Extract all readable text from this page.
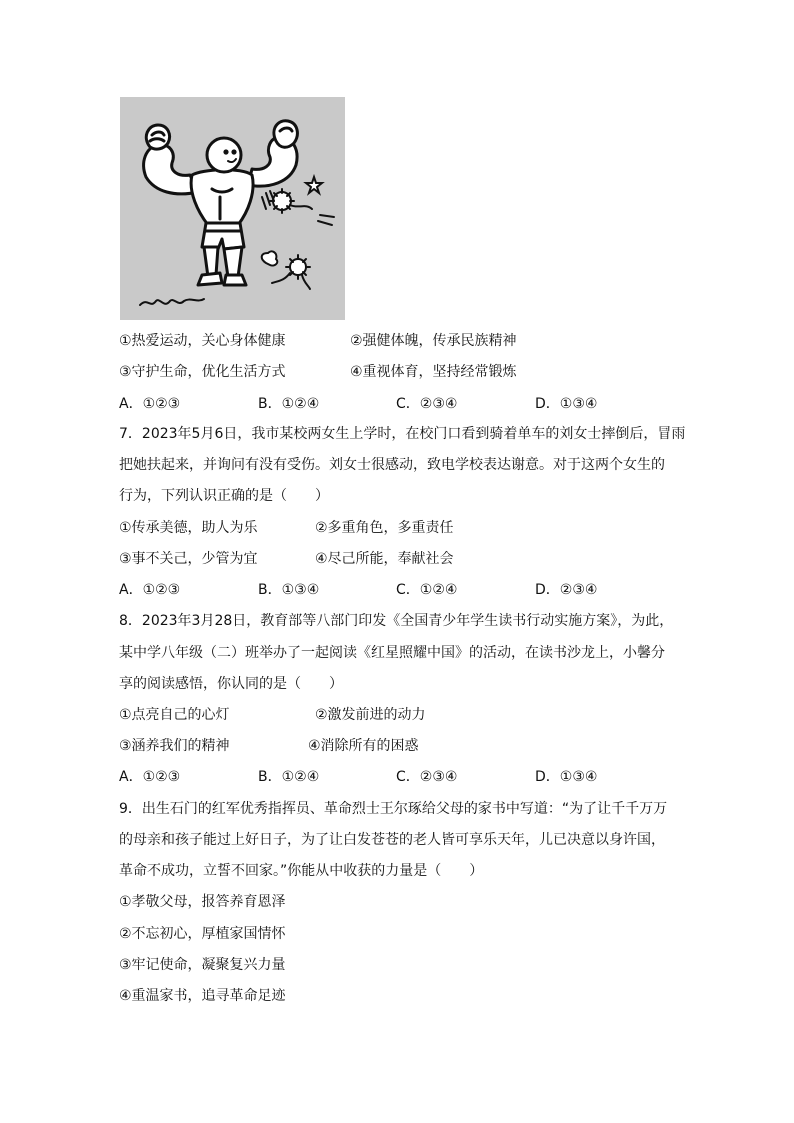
①热爱运动，关心身体健康	②强健体魄，传承民族精神
③守护生命，优化生活方式	④重视体育，坚持经常锻炼
A．①②③	B．①②④	C．②③④	D．①③④
7．2023年5月6日，我市某校两女生上学时，在校门口看到骑着单车的刘女士摔倒后，冒雨
把她扶起来，并询问有没有受伤。刘女士很感动，致电学校表达谢意。对于这两个女生的
行为，下列认识正确的是（　　）
①传承美德，助人为乐	②多重角色，多重责任
③事不关己，少管为宜	④尽己所能，奉献社会
A．①②③	B．①③④	C．①②④	D．②③④
8．2023年3月28日，教育部等八部门印发《全国青少年学生读书行动实施方案》，为此，
某中学八年级（二）班举办了一起阅读《红星照耀中国》的活动，在读书沙龙上，小馨分
享的阅读感悟，你认同的是（　　）
①点亮自己的心灯	②激发前进的动力
③涵养我们的精神	④消除所有的困惑
A．①②③	B．①②④	C．②③④	D．①③④
9．出生石门的红军优秀指挥员、革命烈士王尔琢给父母的家书中写道：“为了让千千万万
的母亲和孩子能过上好日子，为了让白发苍苍的老人皆可享乐天年，儿已决意以身许国，
革命不成功，立誓不回家。”你能从中收获的力量是（　　）
①孝敬父母，报答养育恩泽
②不忘初心，厚植家国情怀
③牢记使命，凝聚复兴力量
④重温家书，追寻革命足迹
